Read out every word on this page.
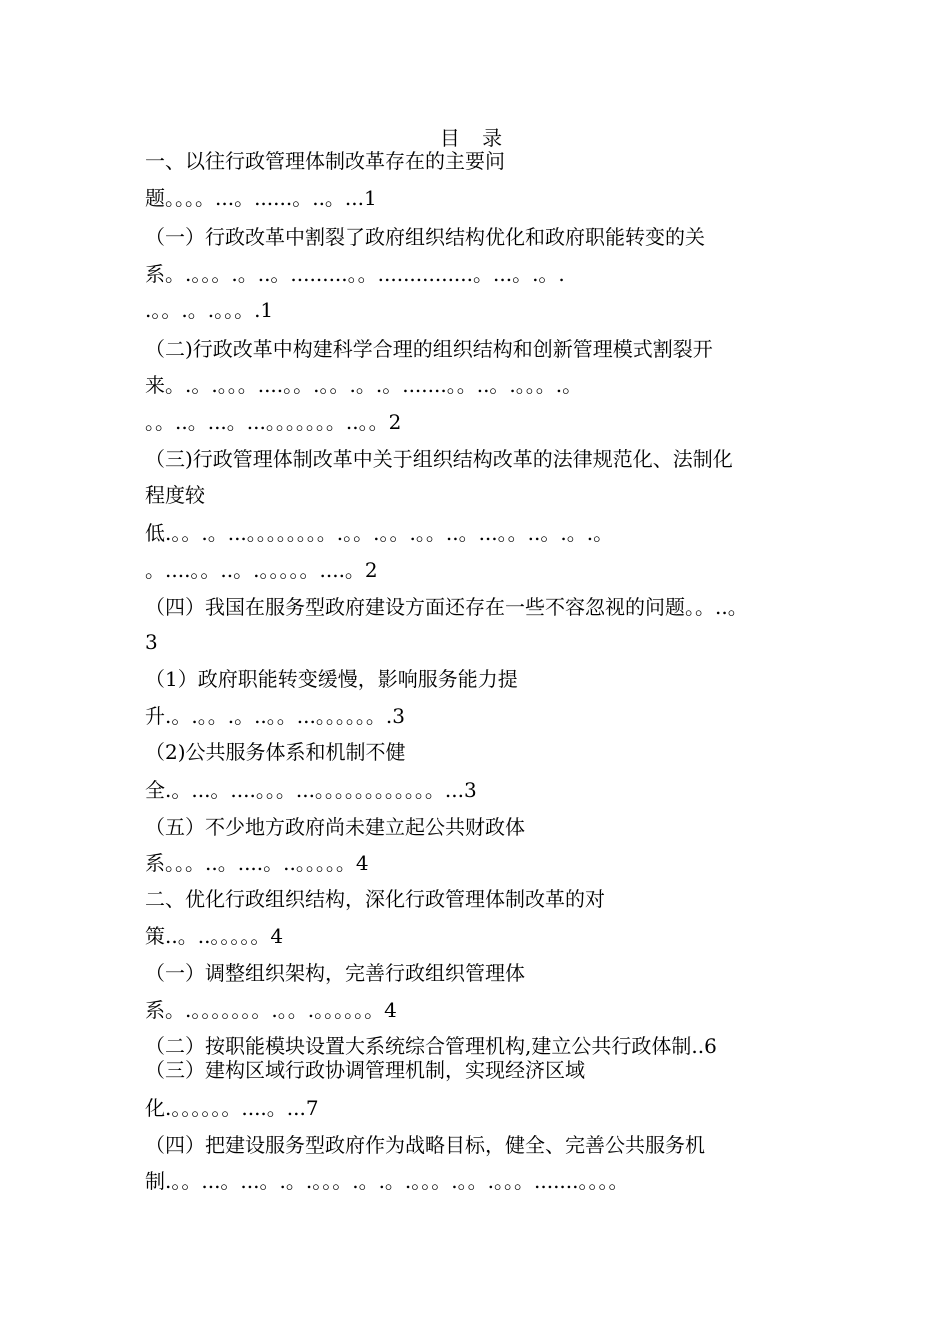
目 录
一、以往行政管理体制改革存在的主要问
题。。。。...。......。..。...1
（一）行政改革中割裂了政府组织结构优化和政府职能转变的关
系。.。。。.。..。.........。。...............。...。.。.
.。。.。.。。。.1
（二)行政改革中构建科学合理的组织结构和创新管理模式割裂开
来。.。.。。。....。。.。。.。.。.......。。..。.。。。.。
。。..。...。...。。。。。。。..。。2
（三)行政管理体制改革中关于组织结构改革的法律规范化、法制化
程度较
低.。。.。...。。。。。。。。.。。.。。.。。..。...。。..。.。.。
。....。。..。.。。。。。....。2
（四）我国在服务型政府建设方面还存在一些不容忽视的问题。。..。
3
（1）政府职能转变缓慢，影响服务能力提
升.。.。。.。..。。...。。。。。。.3
（2)公共服务体系和机制不健
全.。...。....。。。...。。。。。。。。。。。。...3
（五）不少地方政府尚未建立起公共财政体
系。。。..。....。..。。。。。4
二、优化行政组织结构，深化行政管理体制改革的对
策..。..。。。。。4
（一）调整组织架构，完善行政组织管理体
系。.。。。。。。。.。。.。。。。。。4
（二）按职能模块设置大系统综合管理机构,建立公共行政体制..6
（三）建构区域行政协调管理机制，实现经济区域
化.。。。。。。....。...7
（四）把建设服务型政府作为战略目标，健全、完善公共服务机
制.。。...。...。.。.。。。.。.。.。。。.。。.。。。.......。。。。
